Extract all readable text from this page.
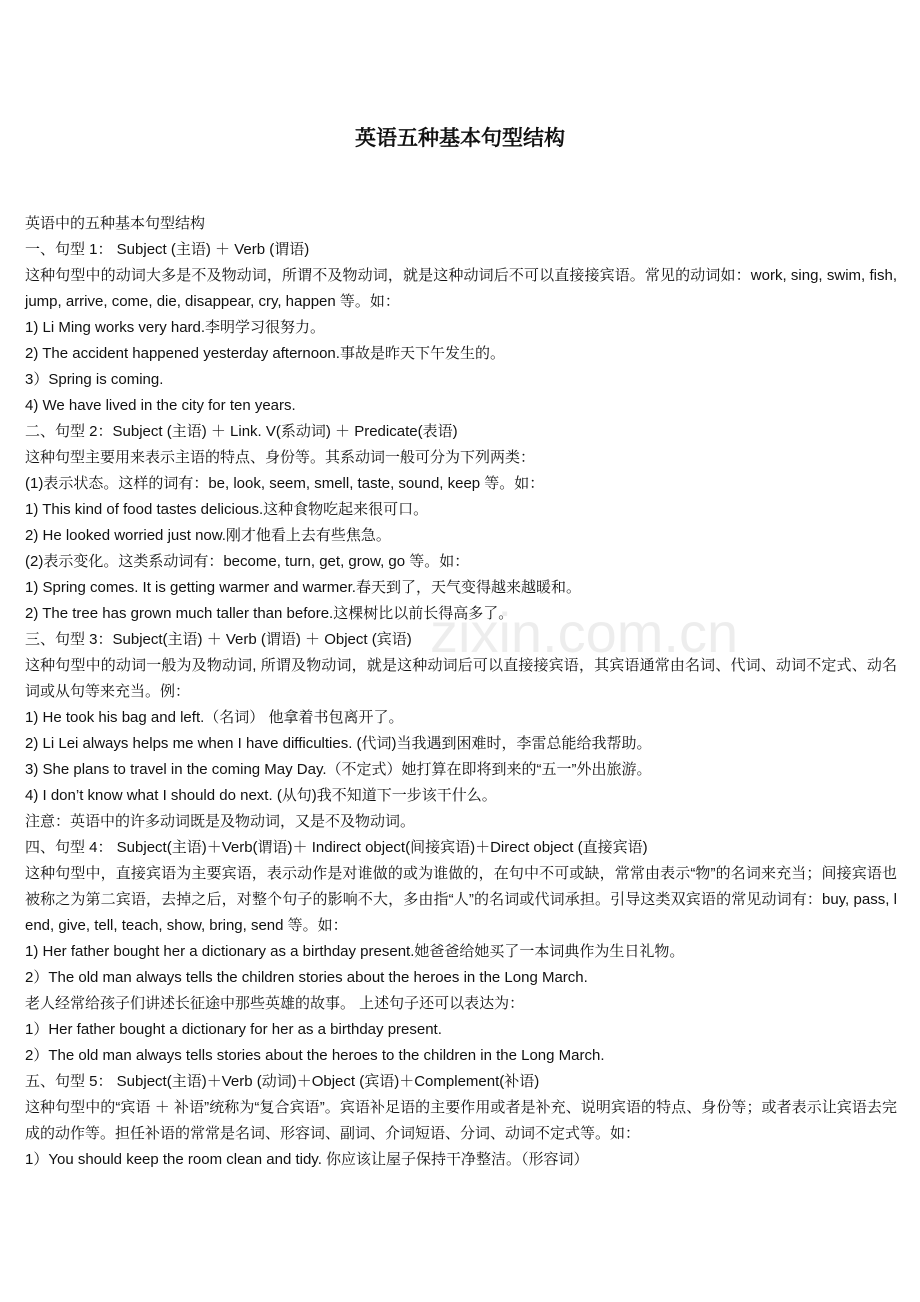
英语五种基本句型结构
zixin.com.cn
英语中的五种基本句型结构
一、句型 1： Subject (主语) ＋ Verb (谓语)
这种句型中的动词大多是不及物动词，所谓不及物动词，就是这种动词后不可以直接接宾语。常见的动词如：work, sing, swim, fish, jump, arrive, come, die, disappear, cry, happen 等。如：
1) Li Ming works very hard.李明学习很努力。
2) The accident happened yesterday afternoon.事故是昨天下午发生的。
3）Spring is coming.
4) We have lived in the city for ten years.
二、句型 2：Subject (主语) ＋ Link. V(系动词) ＋ Predicate(表语)
这种句型主要用来表示主语的特点、身份等。其系动词一般可分为下列两类：
(1)表示状态。这样的词有：be, look, seem, smell, taste, sound, keep 等。如：
1) This kind of food tastes delicious.这种食物吃起来很可口。
2) He looked worried just now.刚才他看上去有些焦急。
(2)表示变化。这类系动词有：become, turn, get, grow, go 等。如：
1) Spring comes. It is getting warmer and warmer.春天到了，天气变得越来越暖和。
2) The tree has grown much taller than before.这棵树比以前长得高多了。
三、句型 3：Subject(主语) ＋ Verb (谓语) ＋ Object (宾语)
这种句型中的动词一般为及物动词, 所谓及物动词，就是这种动词后可以直接接宾语，其宾语通常由名词、代词、动词不定式、动名词或从句等来充当。例：
1) He took his bag and left.（名词） 他拿着书包离开了。
2) Li Lei always helps me when I have difficulties. (代词)当我遇到困难时，李雷总能给我帮助。
3) She plans to travel in the coming May Day.（不定式）她打算在即将到来的“五一”外出旅游。
4) I don’t know what I should do next. (从句)我不知道下一步该干什么。
注意：英语中的许多动词既是及物动词，又是不及物动词。
四、句型 4： Subject(主语)＋Verb(谓语)＋ Indirect object(间接宾语)＋Direct object (直接宾语)
这种句型中，直接宾语为主要宾语，表示动作是对谁做的或为谁做的，在句中不可或缺，常常由表示“物”的名词来充当；间接宾语也被称之为第二宾语，去掉之后，对整个句子的影响不大，多由指“人”的名词或代词承担。引导这类双宾语的常见动词有：buy, pass, lend, give, tell, teach, show, bring, send 等。如：
1) Her father bought her a dictionary as a birthday present.她爸爸给她买了一本词典作为生日礼物。
2）The old man always tells the children stories about the heroes in the Long March.
老人经常给孩子们讲述长征途中那些英雄的故事。 上述句子还可以表达为：
1）Her father bought a dictionary for her as a birthday present.
2）The old man always tells stories about the heroes to the children in the Long March.
五、句型 5： Subject(主语)＋Verb (动词)＋Object (宾语)＋Complement(补语)
这种句型中的“宾语 ＋ 补语”统称为“复合宾语”。宾语补足语的主要作用或者是补充、说明宾语的特点、身份等；或者表示让宾语去完成的动作等。担任补语的常常是名词、形容词、副词、介词短语、分词、动词不定式等。如：
1）You should keep the room clean and tidy. 你应该让屋子保持干净整洁。（形容词）
